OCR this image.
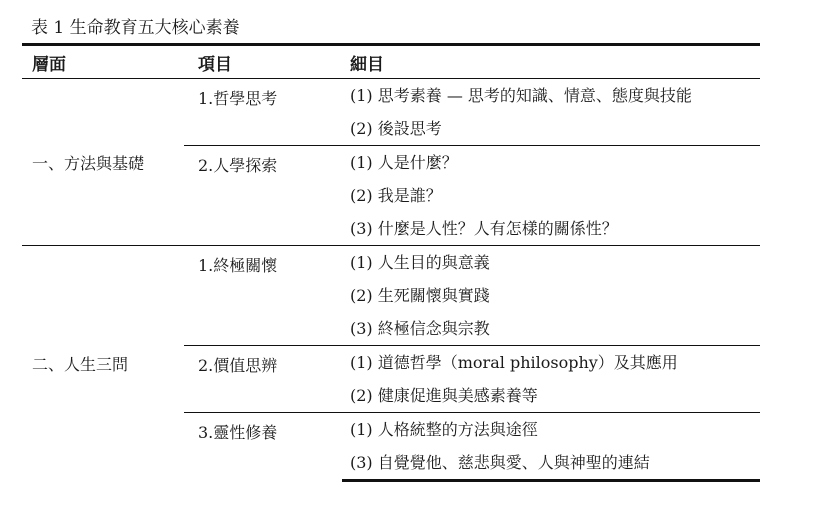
表 1 生命教育五大核心素養
層面	項目	細目
一、方法與基礎	1.哲學思考	(1) 思考素養 — 思考的知識、情意、態度與技能
		(2) 後設思考

	2.人學探索	(1) 人是什麼？
		(2) 我是誰？
		(3) 什麼是人性？人有怎樣的關係性？
二、人生三問	1.終極關懷	(1) 人生目的與意義
		(2) 生死關懷與實踐
		(3) 終極信念與宗教

	2.價值思辨	(1) 道德哲學（moral philosophy）及其應用
		(2) 健康促進與美感素養等

	3.靈性修養	(1) 人格統整的方法與途徑
		(3) 自覺覺他、慈悲與愛、人與神聖的連結
